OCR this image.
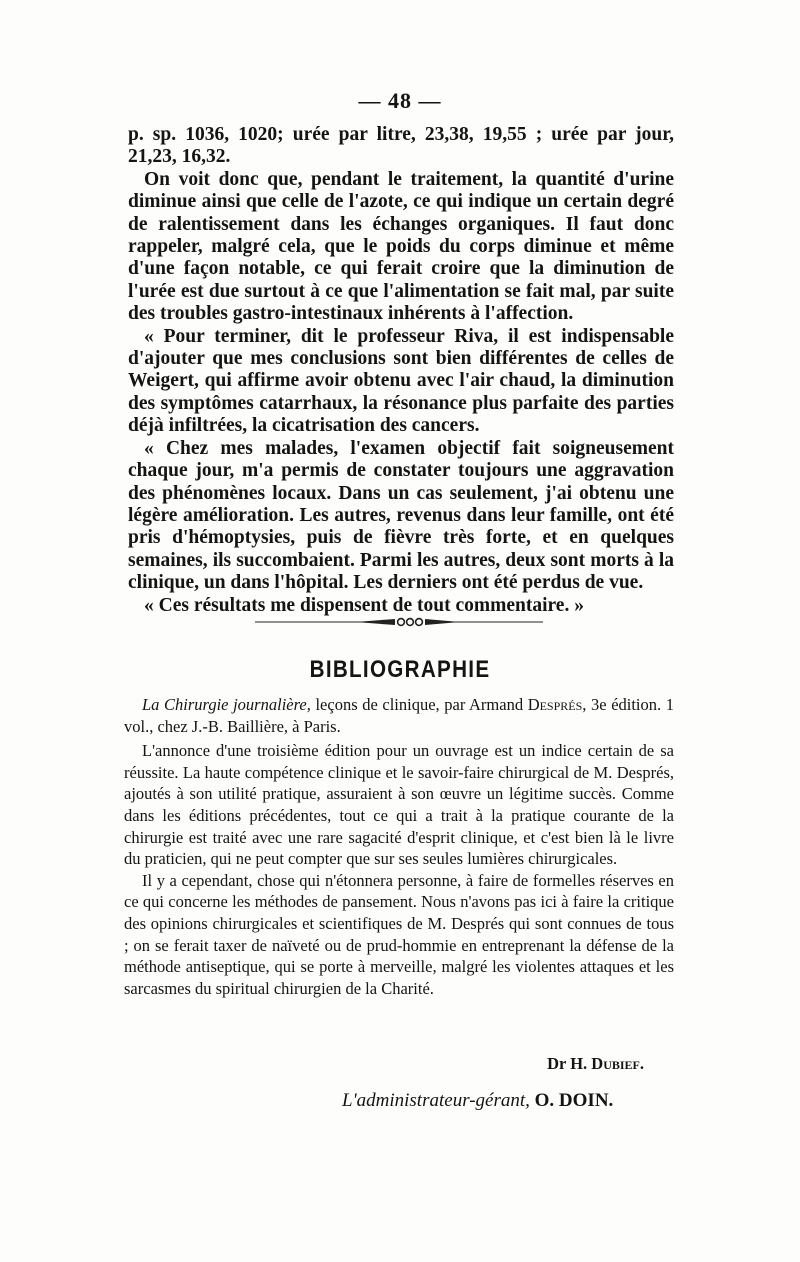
— 48 —

p. sp. 1036, 1020; urée par litre, 23,38, 19,55 ; urée par jour, 21,23, 16,32.

On voit donc que, pendant le traitement, la quantité d'urine diminue ainsi que celle de l'azote, ce qui indique un certain degré de ralentissement dans les échanges organiques. Il faut donc rappeler, malgré cela, que le poids du corps diminue et même d'une façon notable, ce qui ferait croire que la diminution de l'urée est due surtout à ce que l'alimentation se fait mal, par suite des troubles gastro-intestinaux inhérents à l'affection.

« Pour terminer, dit le professeur Riva, il est indispensable d'ajouter que mes conclusions sont bien différentes de celles de Weigert, qui affirme avoir obtenu avec l'air chaud, la diminution des symptômes catarrhaux, la résonance plus parfaite des parties déjà infiltrées, la cicatrisation des cancers.

« Chez mes malades, l'examen objectif fait soigneusement chaque jour, m'a permis de constater toujours une aggravation des phénomènes locaux. Dans un cas seulement, j'ai obtenu une légère amélioration. Les autres, revenus dans leur famille, ont été pris d'hémoptysies, puis de fièvre très forte, et en quelques semaines, ils succombaient. Parmi les autres, deux sont morts à la clinique, un dans l'hôpital. Les derniers ont été perdus de vue.

« Ces résultats me dispensent de tout commentaire. »

BIBLIOGRAPHIE

La Chirurgie journalière, leçons de clinique, par Armand Després, 3e édition. 1 vol., chez J.-B. Baillière, à Paris.

L'annonce d'une troisième édition pour un ouvrage est un indice certain de sa réussite. La haute compétence clinique et le savoir-faire chirurgical de M. Després, ajoutés à son utilité pratique, assuraient à son œuvre un légitime succès. Comme dans les éditions précédentes, tout ce qui a trait à la pratique courante de la chirurgie est traité avec une rare sagacité d'esprit clinique, et c'est bien là le livre du praticien, qui ne peut compter que sur ses seules lumières chirurgicales.

Il y a cependant, chose qui n'étonnera personne, à faire de formelles réserves en ce qui concerne les méthodes de pansement. Nous n'avons pas ici à faire la critique des opinions chirurgicales et scientifiques de M. Després qui sont connues de tous ; on se ferait taxer de naïveté ou de prud-hommie en entreprenant la défense de la méthode antiseptique, qui se porte à merveille, malgré les violentes attaques et les sarcasmes du spiritual chirurgien de la Charité.

Dr H. Dubief.
L'administrateur-gérant, O. DOIN.
